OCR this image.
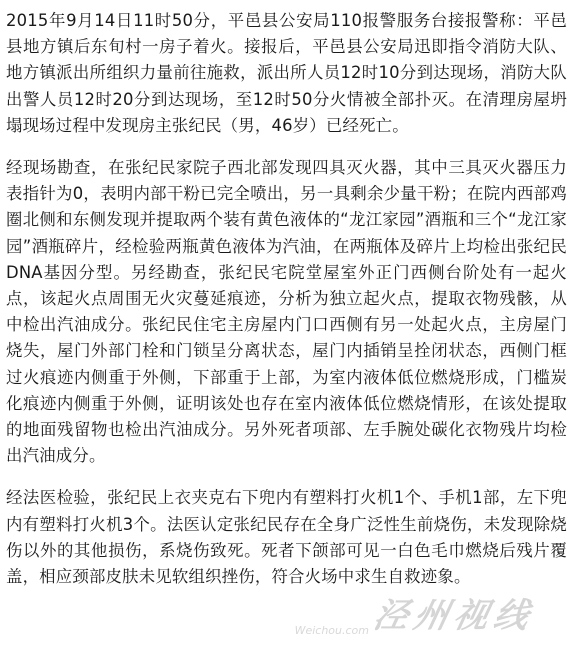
2015年9月14日11时50分，平邑县公安局110报警服务台接报警称：平邑县地方镇后东旬村一房子着火。接报后，平邑县公安局迅即指令消防大队、地方镇派出所组织力量前往施救，派出所人员12时10分到达现场，消防大队出警人员12时20分到达现场，至12时50分火情被全部扑灭。在清理房屋坍塌现场过程中发现房主张纪民（男，46岁）已经死亡。

经现场勘查，在张纪民家院子西北部发现四具灭火器，其中三具灭火器压力表指针为0，表明内部干粉已完全喷出，另一具剩余少量干粉；在院内西部鸡圈北侧和东侧发现并提取两个装有黄色液体的“龙江家园”酒瓶和三个“龙江家园”酒瓶碎片，经检验两瓶黄色液体为汽油，在两瓶体及碎片上均检出张纪民DNA基因分型。另经勘查，张纪民宅院堂屋室外正门西侧台阶处有一起火点，该起火点周围无火灾蔓延痕迹，分析为独立起火点，提取衣物残骸，从中检出汽油成分。张纪民住宅主房屋内门口西侧有另一处起火点，主房屋门烧失，屋门外部门栓和门锁呈分离状态，屋门内插销呈拴闭状态，西侧门框过火痕迹内侧重于外侧，下部重于上部，为室内液体低位燃烧形成，门槛炭化痕迹内侧重于外侧，证明该处也存在室内液体低位燃烧情形，在该处提取的地面残留物也检出汽油成分。另外死者项部、左手腕处碳化衣物残片均检出汽油成分。

经法医检验，张纪民上衣夹克右下兜内有塑料打火机1个、手机1部，左下兜内有塑料打火机3个。法医认定张纪民存在全身广泛性生前烧伤，未发现除烧伤以外的其他损伤，系烧伤致死。死者下颌部可见一白色毛巾燃烧后残片覆盖，相应颈部皮肤未见软组织挫伤，符合火场中求生自救迹象。

Weichou.com 泾州视线
